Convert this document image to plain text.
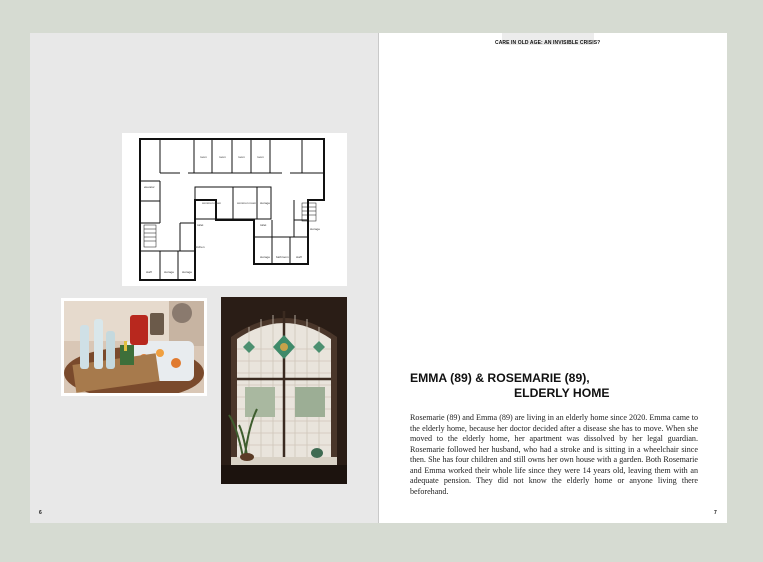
room	room	room	room
elevator
common room	common room storage
toilet	toilet
storage
kitchen
storage bathroom staff
staff	storage	storage
6
CARE IN OLD AGE: AN INVISIBLE CRISIS?
EMMA (89) & ROSEMARIE (89),
ELDERLY HOME

Rosemarie (89) and Emma (89) are living in an elderly home since 2020. Emma came to the elderly home, because her doctor decided after a disease she has to move. When she moved to the elderly home, her apartment was dissolved by her legal guardian. Rosemarie followed her husband, who had a stroke and is sitting in a wheelchair since then. She has four children and still owns her own house with a garden. Both Rosemarie and Emma worked their whole life since they were 14 years old, leaving them with an adequate pension. They did not know the elderly home or anyone living there beforehand.

7
